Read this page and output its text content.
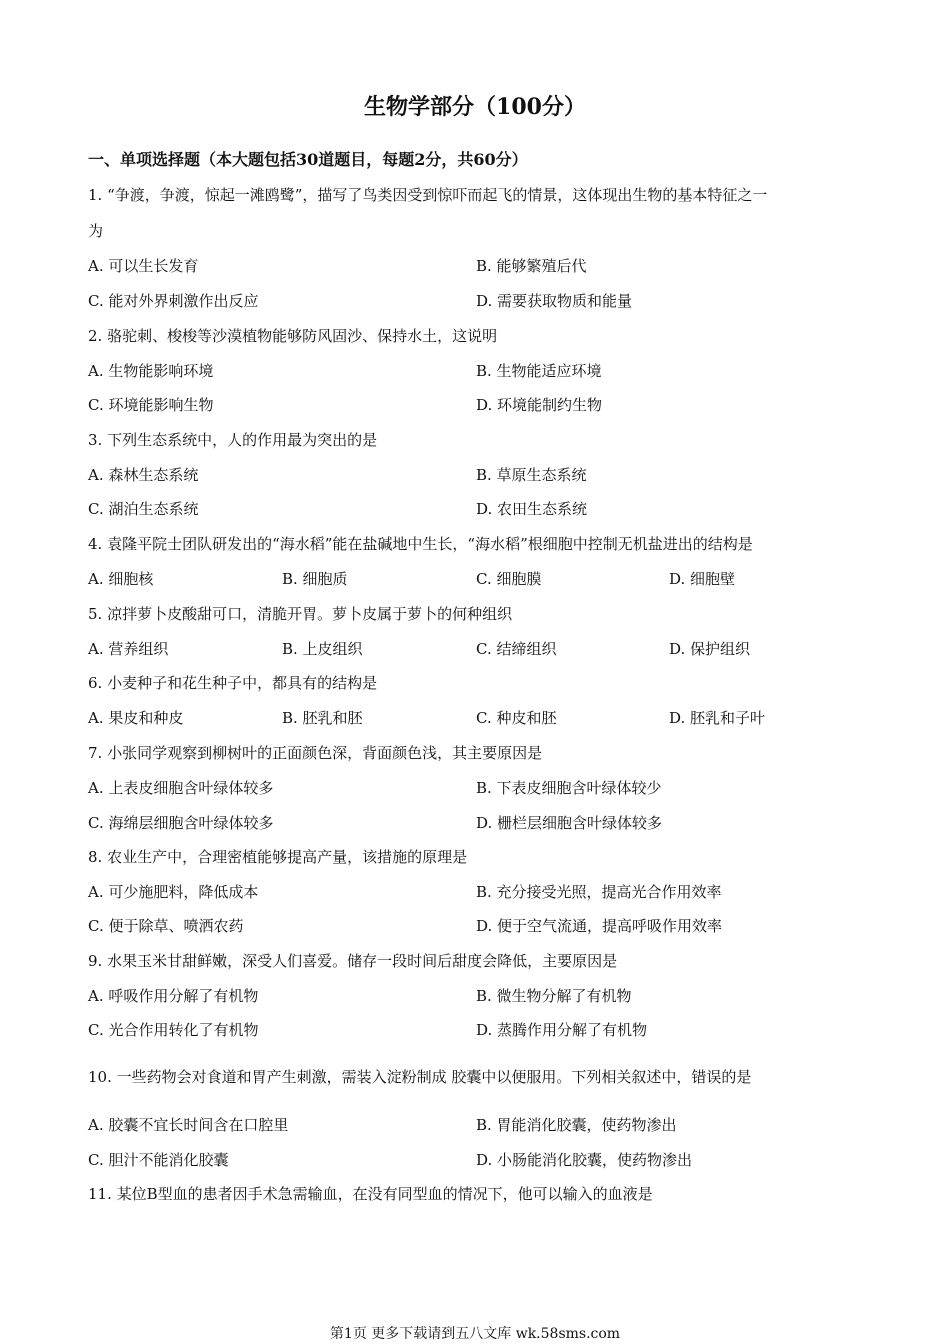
生物学部分（100分）
一、单项选择题（本大题包括30道题目，每题2分，共60分）
1. “争渡，争渡，惊起一滩鸥鹭”，描写了鸟类因受到惊吓而起飞的情景，这体现出生物的基本特征之一
为
A. 可以生长发育	B. 能够繁殖后代
C. 能对外界刺激作出反应	D. 需要获取物质和能量
2. 骆驼刺、梭梭等沙漠植物能够防风固沙、保持水土，这说明
A. 生物能影响环境	B. 生物能适应环境
C. 环境能影响生物	D. 环境能制约生物
3. 下列生态系统中，人的作用最为突出的是
A. 森林生态系统	B. 草原生态系统
C. 湖泊生态系统	D. 农田生态系统
4. 袁隆平院士团队研发出的“海水稻”能在盐碱地中生长，“海水稻”根细胞中控制无机盐进出的结构是
A. 细胞核	B. 细胞质	C. 细胞膜	D. 细胞壁
5. 凉拌萝卜皮酸甜可口，清脆开胃。萝卜皮属于萝卜的何种组织
A. 营养组织	B. 上皮组织	C. 结缔组织	D. 保护组织
6. 小麦种子和花生种子中，都具有的结构是
A. 果皮和种皮	B. 胚乳和胚	C. 种皮和胚	D. 胚乳和子叶
7. 小张同学观察到柳树叶的正面颜色深，背面颜色浅，其主要原因是
A. 上表皮细胞含叶绿体较多	B. 下表皮细胞含叶绿体较少
C. 海绵层细胞含叶绿体较多	D. 栅栏层细胞含叶绿体较多
8. 农业生产中，合理密植能够提高产量，该措施的原理是
A. 可少施肥料，降低成本	B. 充分接受光照，提高光合作用效率
C. 便于除草、喷洒农药	D. 便于空气流通，提高呼吸作用效率
9. 水果玉米甘甜鲜嫩，深受人们喜爱。储存一段时间后甜度会降低，主要原因是
A. 呼吸作用分解了有机物	B. 微生物分解了有机物
C. 光合作用转化了有机物	D. 蒸腾作用分解了有机物
10. 一些药物会对食道和胃产生刺激，需装入淀粉制成 胶囊中以便服用。下列相关叙述中，错误的是
A. 胶囊不宜长时间含在口腔里	B. 胃能消化胶囊，使药物渗出
C. 胆汁不能消化胶囊	D. 小肠能消化胶囊，使药物渗出
11. 某位B型血的患者因手术急需输血，在没有同型血的情况下，他可以输入的血液是
第1页 更多下载请到五八文库 wk.58sms.com
